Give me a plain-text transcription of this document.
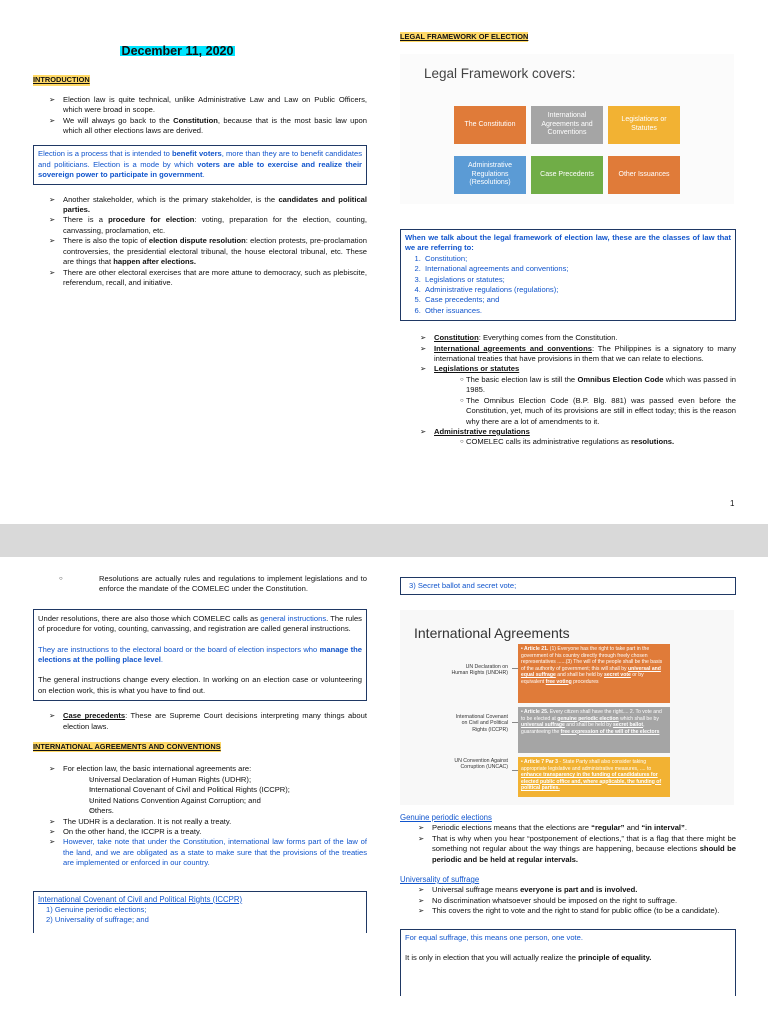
December 11, 2020
INTRODUCTION
➢ Election law is quite technical, unlike Administrative Law and Law on Public Officers, which were broad in scope.
➢ We will always go back to the Constitution, because that is the most basic law upon which all other elections laws are derived.
Election is a process that is intended to benefit voters, more than they are to benefit candidates and politicians. Election is a mode by which voters are able to exercise and realize their sovereign power to participate in government.
➢ Another stakeholder, which is the primary stakeholder, is the candidates and political parties.
➢ There is a procedure for election: voting, preparation for the election, counting, canvassing, proclamation, etc.
➢ There is also the topic of election dispute resolution: election protests, pre-proclamation controversies, the presidential electoral tribunal, the house electoral tribunal, etc. These are things that happen after elections.
➢ There are other electoral exercises that are more attune to democracy, such as plebiscite, referendum, recall, and initiative.
LEGAL FRAMEWORK OF ELECTION
Legal Framework covers:
The Constitution
International Agreements and Conventions
Legislations or Statutes
Administrative Regulations (Resolutions)
Case Precedents	Other Issuances
When we talk about the legal framework of election law, these are the classes of law that we are referring to:
1. Constitution;
2. International agreements and conventions;
3. Legislations or statutes;
4. Administrative regulations (regulations);
5. Case precedents; and
6. Other issuances.
➢ Constitution: Everything comes from the Constitution.
➢ International agreements and conventions: The Philippines is a signatory to many international treaties that have provisions in them that we can relate to elections.
➢ Legislations or statutes
○ The basic election law is still the Omnibus Election Code which was passed in 1985.
○ The Omnibus Election Code (B.P. Blg. 881) was passed even before the Constitution, yet, much of its provisions are still in effect today; this is the reason why there are a lot of amendments to it.
➢ Administrative regulations
○ COMELEC calls its administrative regulations as resolutions.
1
○ Resolutions are actually rules and regulations to implement legislations and to enforce the mandate of the COMELEC under the Constitution.

Under resolutions, there are also those which COMELEC calls as general instructions. The rules of procedure for voting, counting, canvassing, and registration are called general instructions.

They are instructions to the electoral board or the board of election inspectors who manage the elections at the polling place level.

The general instructions change every election. In working on an election case or volunteering on election work, this is what you have to find out.

➢ Case precedents: These are Supreme Court decisions interpreting many things about election laws.
INTERNATIONAL AGREEMENTS AND CONVENTIONS
➢ For election law, the basic international agreements are:
○ Universal Declaration of Human Rights (UDHR);
○ International Covenant of Civil and Political Rights (ICCPR);
○ United Nations Convention Against Corruption; and
○ Others.
➢ The UDHR is a declaration. It is not really a treaty.
➢ On the other hand, the ICCPR is a treaty.
➢ However, take note that under the Constitution, international law forms part of the law of the land, and we are obligated as a state to make sure that the provisions of the treaties are implemented or enforced in our country.
International Covenant of Civil and Political Rights (ICCPR)
1) Genuine periodic elections;
2) Universality of suffrage; and
3) Secret ballot and secret vote;
International Agreements
UN Declaration on Human Rights (UNDHR)
• Article 21. (1) Everyone has the right to take part in the government of his country directly through freely chosen representatives ......(3) The will of the people shall be the basis of the authority of government; this will shall by universal and equal suffrage and shall be held by secret vote or by equivalent free voting procedures
International Covenant on Civil and Political Rights (ICCPR)
• Article 25. Every citizen shall have the right.... 2. To vote and to be elected at genuine periodic election which shall be by universal suffrage and shall be held by secret ballot, guaranteeing the free expression of the will of the electors
UN Convention Against Corruption (UNCAC)
• Article 7 Par 3 - State Party shall also consider taking appropriate legislative and administrative measures, .... to enhance transparency in the funding of candidatures for elected public office and, where applicable, the funding of political parties.
Genuine periodic elections
➢ Periodic elections means that the elections are “regular” and “in interval”.
➢ That is why when you hear “postponement of elections,” that is a flag that there might be something not regular about the way things are happening, because elections should be periodic and be held at regular intervals.
Universality of suffrage
➢ Universal suffrage means everyone is part and is involved.
➢ No discrimination whatsoever should be imposed on the right to suffrage.
➢ This covers the right to vote and the right to stand for public office (to be a candidate).

For equal suffrage, this means one person, one vote.

It is only in election that you will actually realize the principle of equality.
